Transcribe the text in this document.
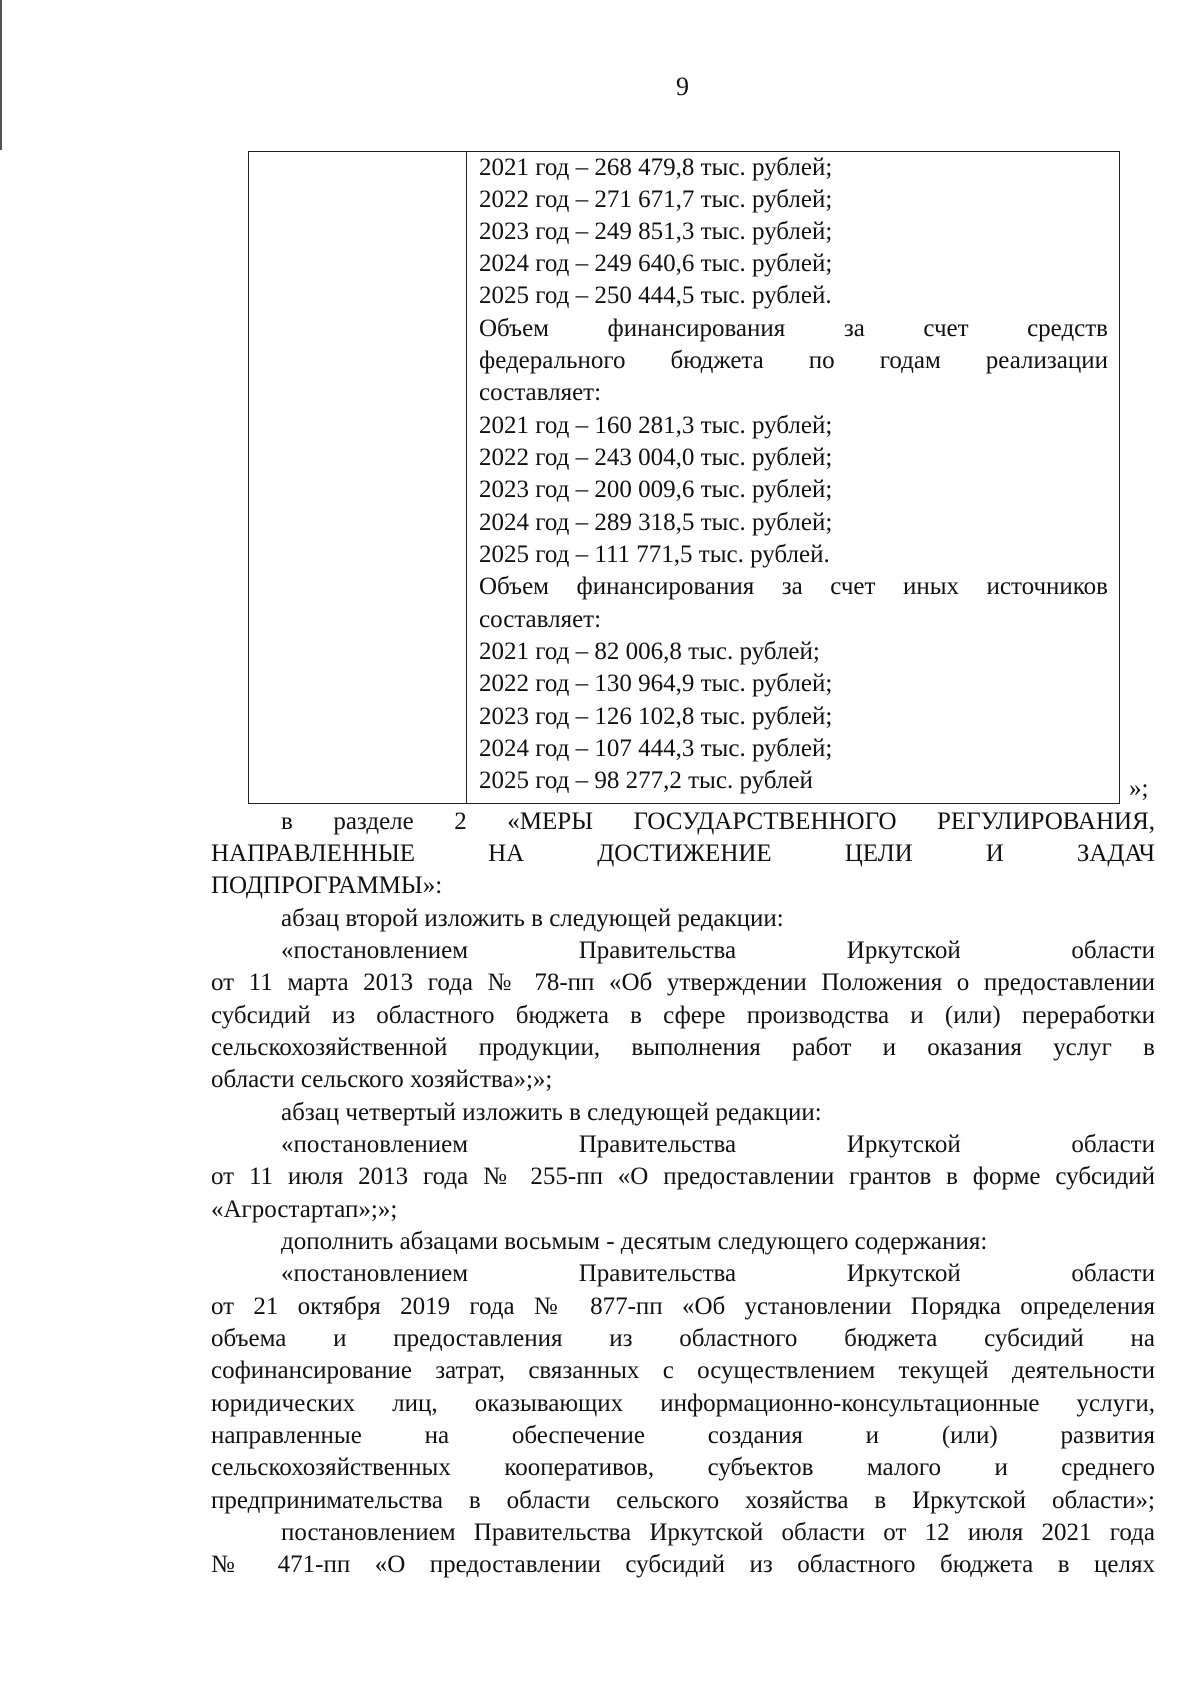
9
2021 год – 268 479,8 тыс. рублей;
2022 год – 271 671,7 тыс. рублей;
2023 год – 249 851,3 тыс. рублей;
2024 год – 249 640,6 тыс. рублей;
2025 год – 250 444,5 тыс. рублей.
Объем финансирования за счет средств
федерального бюджета по годам реализации
составляет:
2021 год – 160 281,3 тыс. рублей;
2022 год – 243 004,0 тыс. рублей;
2023 год – 200 009,6 тыс. рублей;
2024 год – 289 318,5 тыс. рублей;
2025 год – 111 771,5 тыс. рублей.
Объем финансирования за счет иных источников
составляет:
2021 год – 82 006,8 тыс. рублей;
2022 год – 130 964,9 тыс. рублей;
2023 год – 126 102,8 тыс. рублей;
2024 год – 107 444,3 тыс. рублей;
2025 год – 98 277,2 тыс. рублей	»;
в разделе 2 «МЕРЫ ГОСУДАРСТВЕННОГО РЕГУЛИРОВАНИЯ,
НАПРАВЛЕННЫЕ НА ДОСТИЖЕНИЕ ЦЕЛИ И ЗАДАЧ
ПОДПРОГРАММЫ»:
абзац второй изложить в следующей редакции:
«постановлением Правительства Иркутской области
от 11 марта 2013 года № 78-пп «Об утверждении Положения о предоставлении
субсидий из областного бюджета в сфере производства и (или) переработки
сельскохозяйственной продукции, выполнения работ и оказания услуг в
области сельского хозяйства»;»;
абзац четвертый изложить в следующей редакции:
«постановлением Правительства Иркутской области
от 11 июля 2013 года № 255-пп «О предоставлении грантов в форме субсидий
«Агростартап»;»;
дополнить абзацами восьмым - десятым следующего содержания:
«постановлением Правительства Иркутской области
от 21 октября 2019 года № 877-пп «Об установлении Порядка определения
объема и предоставления из областного бюджета субсидий на
софинансирование затрат, связанных с осуществлением текущей деятельности
юридических лиц, оказывающих информационно-консультационные услуги,
направленные на обеспечение создания и (или) развития
сельскохозяйственных кооперативов, субъектов малого и среднего
предпринимательства в области сельского хозяйства в Иркутской области»;
постановлением Правительства Иркутской области от 12 июля 2021 года
№ 471-пп «О предоставлении субсидий из областного бюджета в целях
